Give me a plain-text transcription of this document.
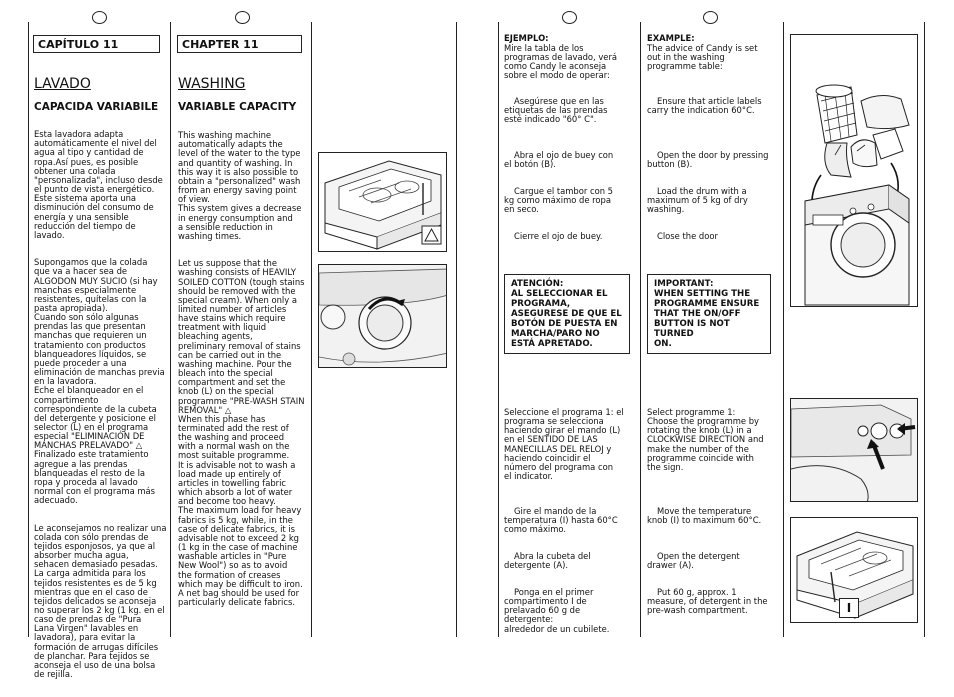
CAPÍTULO 11
LAVADO
CAPACIDA VARIABILE

Esta lavadora adapta
automáticamente el nivel del
agua al tipo y cantidad de
ropa.Así pues, es posible
obtener una colada
"personalizada", incluso desde
el punto de vista energético.
Este sistema aporta una
disminución del consumo de
energía y una sensible
reducción del tiempo de
lavado.

Supongamos que la colada
que va a hacer sea de
ALGODON MUY SUCIO (si hay
manchas especialmente
resistentes, quítelas con la
pasta apropiada).
Cuando son sólo algunas
prendas las que presentan
manchas que requieren un
tratamiento con productos
blanqueadores líquidos, se
puede proceder a una
eliminación de manchas previa
en la lavadora.
Eche el blanqueador en el
compartimento
correspondiente de la cubeta
del detergente y posicione el
selector (L) en el programa
especial "ELIMINACIÓN DE
MANCHAS PRELAVADO" △
Finalizado este tratamiento
agregue a las prendas
blanqueadas el resto de la
ropa y proceda al lavado
normal con el programa más
adecuado.

Le aconsejamos no realizar una
colada con sólo prendas de
tejidos esponjosos, ya que al
absorber mucha agua,
sehacen demasiado pesadas.
La carga admitida para los
tejidos resistentes es de 5 kg
mientras que en el caso de
tejidos delicados se aconseja
no superar los 2 kg (1 kg. en el
caso de prendas de "Pura
Lana Virgen" lavables en
lavadora), para evitar la
formación de arrugas difíciles
de planchar. Para tejidos se
aconseja el uso de una bolsa
de rejilla.

CHAPTER 11
WASHING
VARIABLE CAPACITY

This washing machine
automatically adapts the
level of the water to the type
and quantity of washing. In
this way it is also possible to
obtain a "personalized" wash
from an energy saving point
of view.
This system gives a decrease
in energy consumption and
a sensible reduction in
washing times.

Let us suppose that the
washing consists of HEAVILY
SOILED COTTON (tough stains
should be removed with the
special cream). When only a
limited number of articles
have stains which require
treatment with liquid
bleaching agents,
preliminary removal of stains
can be carried out in the
washing machine. Pour the
bleach into the special
compartment and set the
knob (L) on the special
programme "PRE-WASH STAIN
REMOVAL" △
When this phase has
terminated add the rest of
the washing and proceed
with a normal wash on the
most suitable programme.
It is advisable not to wash a
load made up entirely of
articles in towelling fabric
which absorb a lot of water
and become too heavy.
The maximum load for heavy
fabrics is 5 kg, while, in the
case of delicate fabrics, it is
advisable not to exceed 2 kg
(1 kg in the case of machine
washable articles in "Pure
New Wool") so as to avoid
the formation of creases
which may be difficult to iron.
A net bag should be used for
particularly delicate fabrics.

EJEMPLO:
Mire la tabla de los
programas de lavado, verá
como Candy le aconseja
sobre el modo de operar:
Asegúrese que en las
etiquetas de las prendas
esté indicado "60° C".
Abra el ojo de buey con
el botón (B).
Cargue el tambor con 5
kg como máximo de ropa
en seco.
Cierre el ojo de buey.
ATENCIÓN:
AL SELECCIONAR EL
PROGRAMA,
ASEGURESE DE QUE EL
BOTÓN DE PUESTA EN
MARCHA/PARO NO
ESTÁ APRETADO.
Seleccione el programa 1: el
programa se selecciona
haciendo girar el mando (L)
en el SENTIDO DE LAS
MANECILLAS DEL RELOJ y
haciendo coincidir el
número del programa con
el indicator.
Gire el mando de la
temperatura (I) hasta 60°C
como máximo.
Abra la cubeta del
detergente (A).
Ponga en el primer
compartimento I de
prelavado 60 g de
detergente:
alrededor de un cubilete.
EXAMPLE:
The advice of Candy is set
out in the washing
programme table:
Ensure that article labels
carry the indication 60°C.
Open the door by pressing
button (B).
Load the drum with a
maximum of 5 kg of dry
washing.
Close the door
IMPORTANT:
WHEN SETTING THE
PROGRAMME ENSURE
THAT THE ON/OFF
BUTTON IS NOT TURNED
ON.
Select programme 1:
Choose the programme by
rotating the knob (L) in a
CLOCKWISE DIRECTION and
make the number of the
programme coincide with
the sign.
Move the temperature
knob (I) to maximum 60°C.
Open the detergent
drawer (A).
Put 60 g, approx. 1
measure, of detergent in the
pre-wash compartment.	I
